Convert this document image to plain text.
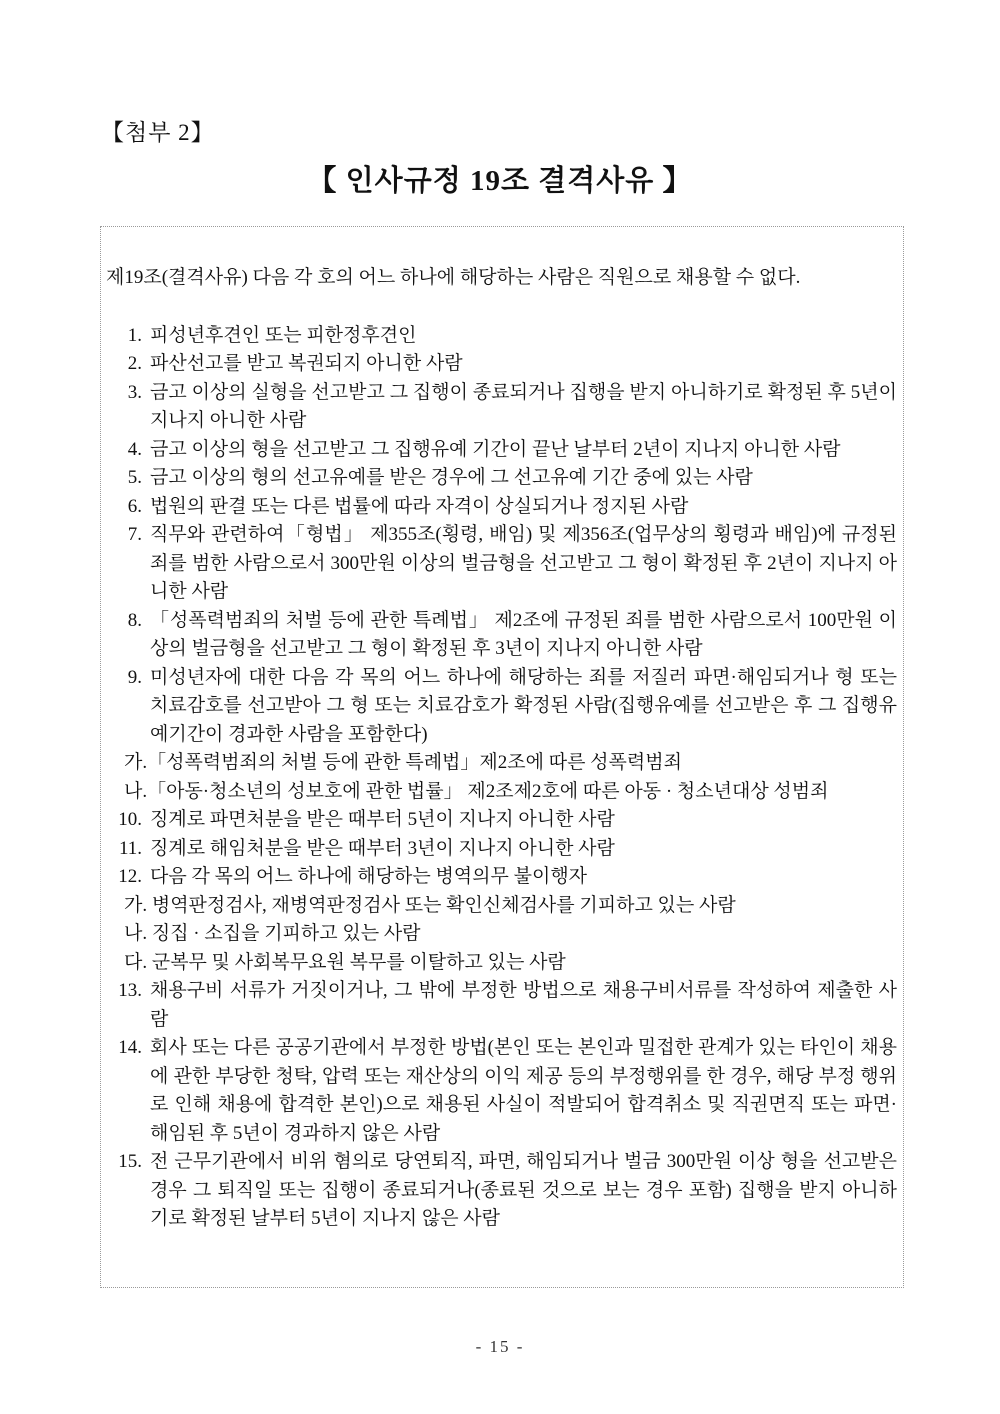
【첨부 2】
【 인사규정 19조 결격사유 】

제19조(결격사유) 다음 각 호의 어느 하나에 해당하는 사람은 직원으로 채용할 수 없다.

1. 피성년후견인 또는 피한정후견인
2. 파산선고를 받고 복권되지 아니한 사람
3. 금고 이상의 실형을 선고받고 그 집행이 종료되거나 집행을 받지 아니하기로 확정된 후 5년이 지나지 아니한 사람
4. 금고 이상의 형을 선고받고 그 집행유예 기간이 끝난 날부터 2년이 지나지 아니한 사람
5. 금고 이상의 형의 선고유예를 받은 경우에 그 선고유예 기간 중에 있는 사람
6. 법원의 판결 또는 다른 법률에 따라 자격이 상실되거나 정지된 사람
7. 직무와 관련하여「형법」 제355조(횡령, 배임) 및 제356조(업무상의 횡령과 배임)에 규정된 죄를 범한 사람으로서 300만원 이상의 벌금형을 선고받고 그 형이 확정된 후 2년이 지나지 아니한 사람
8. 「성폭력범죄의 처벌 등에 관한 특례법」 제2조에 규정된 죄를 범한 사람으로서 100만원 이상의 벌금형을 선고받고 그 형이 확정된 후 3년이 지나지 아니한 사람
9. 미성년자에 대한 다음 각 목의 어느 하나에 해당하는 죄를 저질러 파면·해임되거나 형 또는 치료감호를 선고받아 그 형 또는 치료감호가 확정된 사람(집행유예를 선고받은 후 그 집행유예기간이 경과한 사람을 포함한다)
가.「성폭력범죄의 처벌 등에 관한 특례법」제2조에 따른 성폭력범죄
나.「아동·청소년의 성보호에 관한 법률」 제2조제2호에 따른 아동 · 청소년대상 성범죄
10. 징계로 파면처분을 받은 때부터 5년이 지나지 아니한 사람
11. 징계로 해임처분을 받은 때부터 3년이 지나지 아니한 사람
12. 다음 각 목의 어느 하나에 해당하는 병역의무 불이행자
가. 병역판정검사, 재병역판정검사 또는 확인신체검사를 기피하고 있는 사람
나. 징집 · 소집을 기피하고 있는 사람
다. 군복무 및 사회복무요원 복무를 이탈하고 있는 사람
13. 채용구비 서류가 거짓이거나, 그 밖에 부정한 방법으로 채용구비서류를 작성하여 제출한 사람
14. 회사 또는 다른 공공기관에서 부정한 방법(본인 또는 본인과 밀접한 관계가 있는 타인이 채용에 관한 부당한 청탁, 압력 또는 재산상의 이익 제공 등의 부정행위를 한 경우, 해당 부정 행위로 인해 채용에 합격한 본인)으로 채용된 사실이 적발되어 합격취소 및 직권면직 또는 파면·해임된 후 5년이 경과하지 않은 사람
15. 전 근무기관에서 비위 혐의로 당연퇴직, 파면, 해임되거나 벌금 300만원 이상 형을 선고받은 경우 그 퇴직일 또는 집행이 종료되거나(종료된 것으로 보는 경우 포함) 집행을 받지 아니하기로 확정된 날부터 5년이 지나지 않은 사람
- 15 -
